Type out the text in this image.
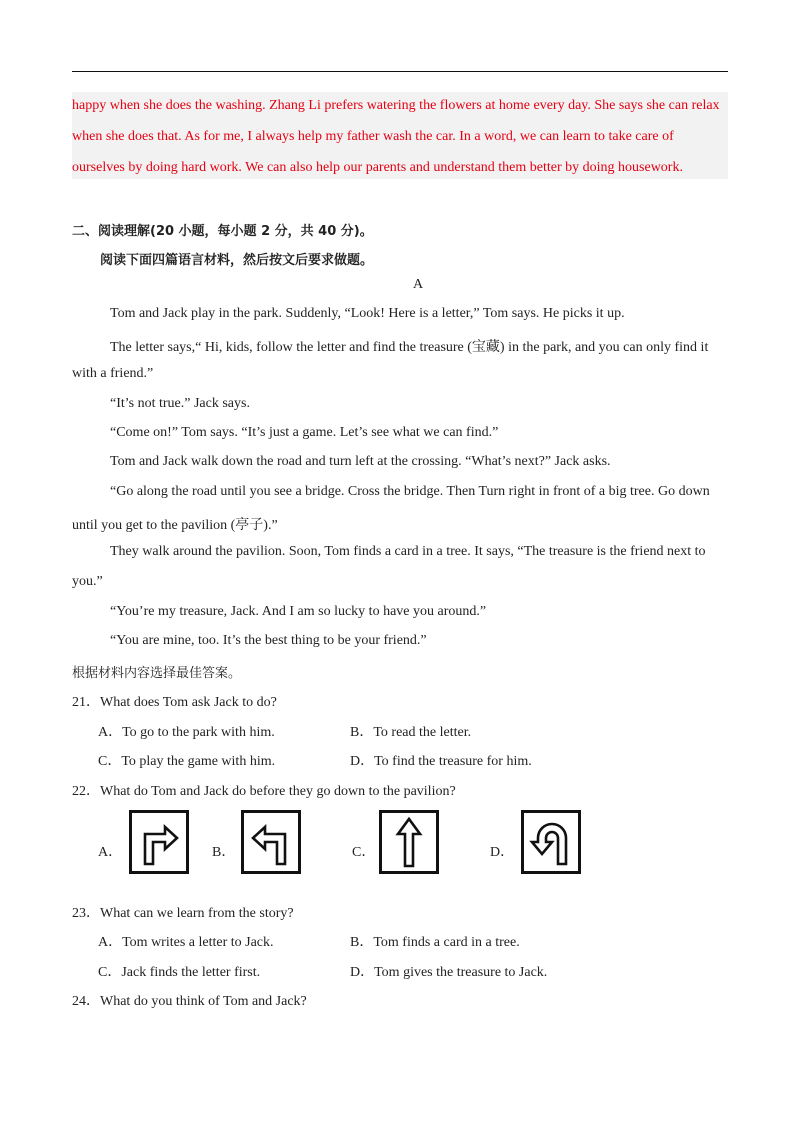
happy when she does the washing. Zhang Li prefers watering the flowers at home every day. She says she can relax
when she does that. As for me, I always help my father wash the car. In a word, we can learn to take care of
ourselves by doing hard work. We can also help our parents and understand them better by doing housework.
二、阅读理解(20 小题，每小题 2 分，共 40 分)。
阅读下面四篇语言材料，然后按文后要求做题。
A
Tom and Jack play in the park. Suddenly, “Look! Here is a letter,” Tom says. He picks it up.
The letter says,“ Hi, kids, follow the letter and find the treasure (宝藏) in the park, and you can only find it
with a friend.”
“It’s not true.” Jack says.
“Come on!” Tom says. “It’s just a game. Let’s see what we can find.”
Tom and Jack walk down the road and turn left at the crossing. “What’s next?” Jack asks.
“Go along the road until you see a bridge. Cross the bridge. Then Turn right in front of a big tree. Go down
until you get to the pavilion (亭子).”
They walk around the pavilion. Soon, Tom finds a card in a tree. It says, “The treasure is the friend next to
you.”
“You’re my treasure, Jack. And I am so lucky to have you around.”
“You are mine, too. It’s the best thing to be your friend.”
根据材料内容选择最佳答案。
21．What does Tom ask Jack to do?
A．To go to the park with him.	B．To read the letter.
C．To play the game with him.	D．To find the treasure for him.
22．What do Tom and Jack do before they go down to the pavilion?
A．	B．	C．	D．
23．What can we learn from the story?
A．Tom writes a letter to Jack.	B．Tom finds a card in a tree.
C．Jack finds the letter first.	D．Tom gives the treasure to Jack.
24．What do you think of Tom and Jack?
